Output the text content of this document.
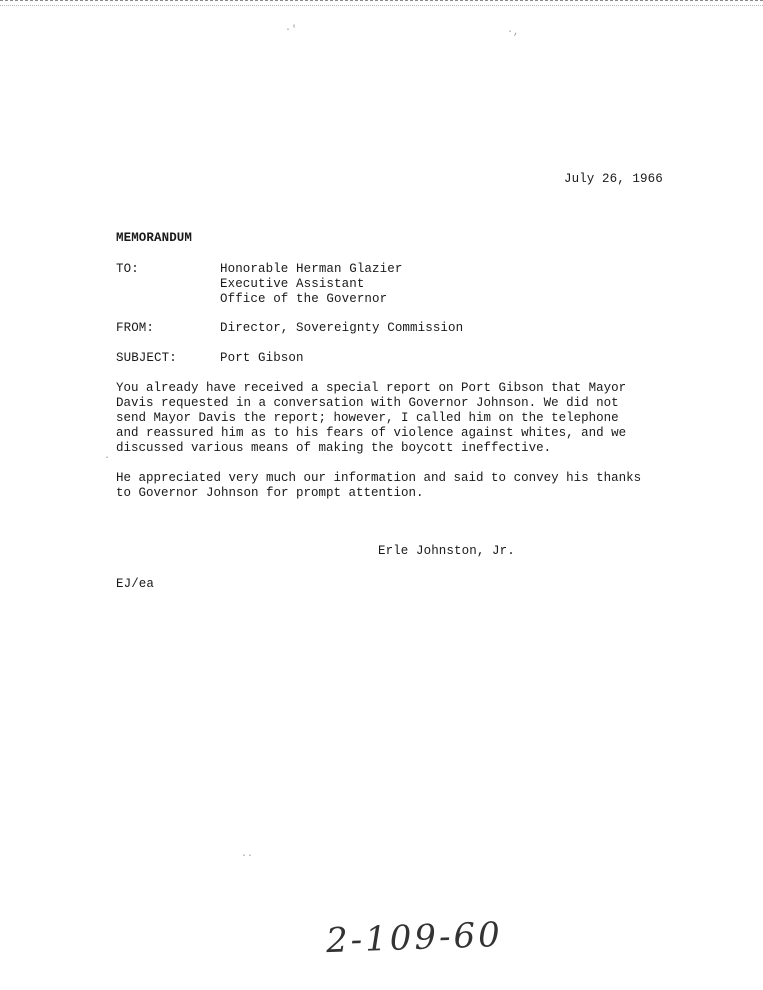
·'	·,
.
··
July 26, 1966
MEMORANDUM
TO:	Honorable Herman Glazier
Executive Assistant
Office of the Governor
FROM:	Director, Sovereignty Commission
SUBJECT:	Port Gibson
You already have received a special report on Port Gibson that Mayor
Davis requested in a conversation with Governor Johnson. We did not
send Mayor Davis the report; however, I called him on the telephone
and reassured him as to his fears of violence against whites, and we
discussed various means of making the boycott ineffective.
He appreciated very much our information and said to convey his thanks
to Governor Johnson for prompt attention.
Erle Johnston, Jr.
EJ/ea
2-109-60
